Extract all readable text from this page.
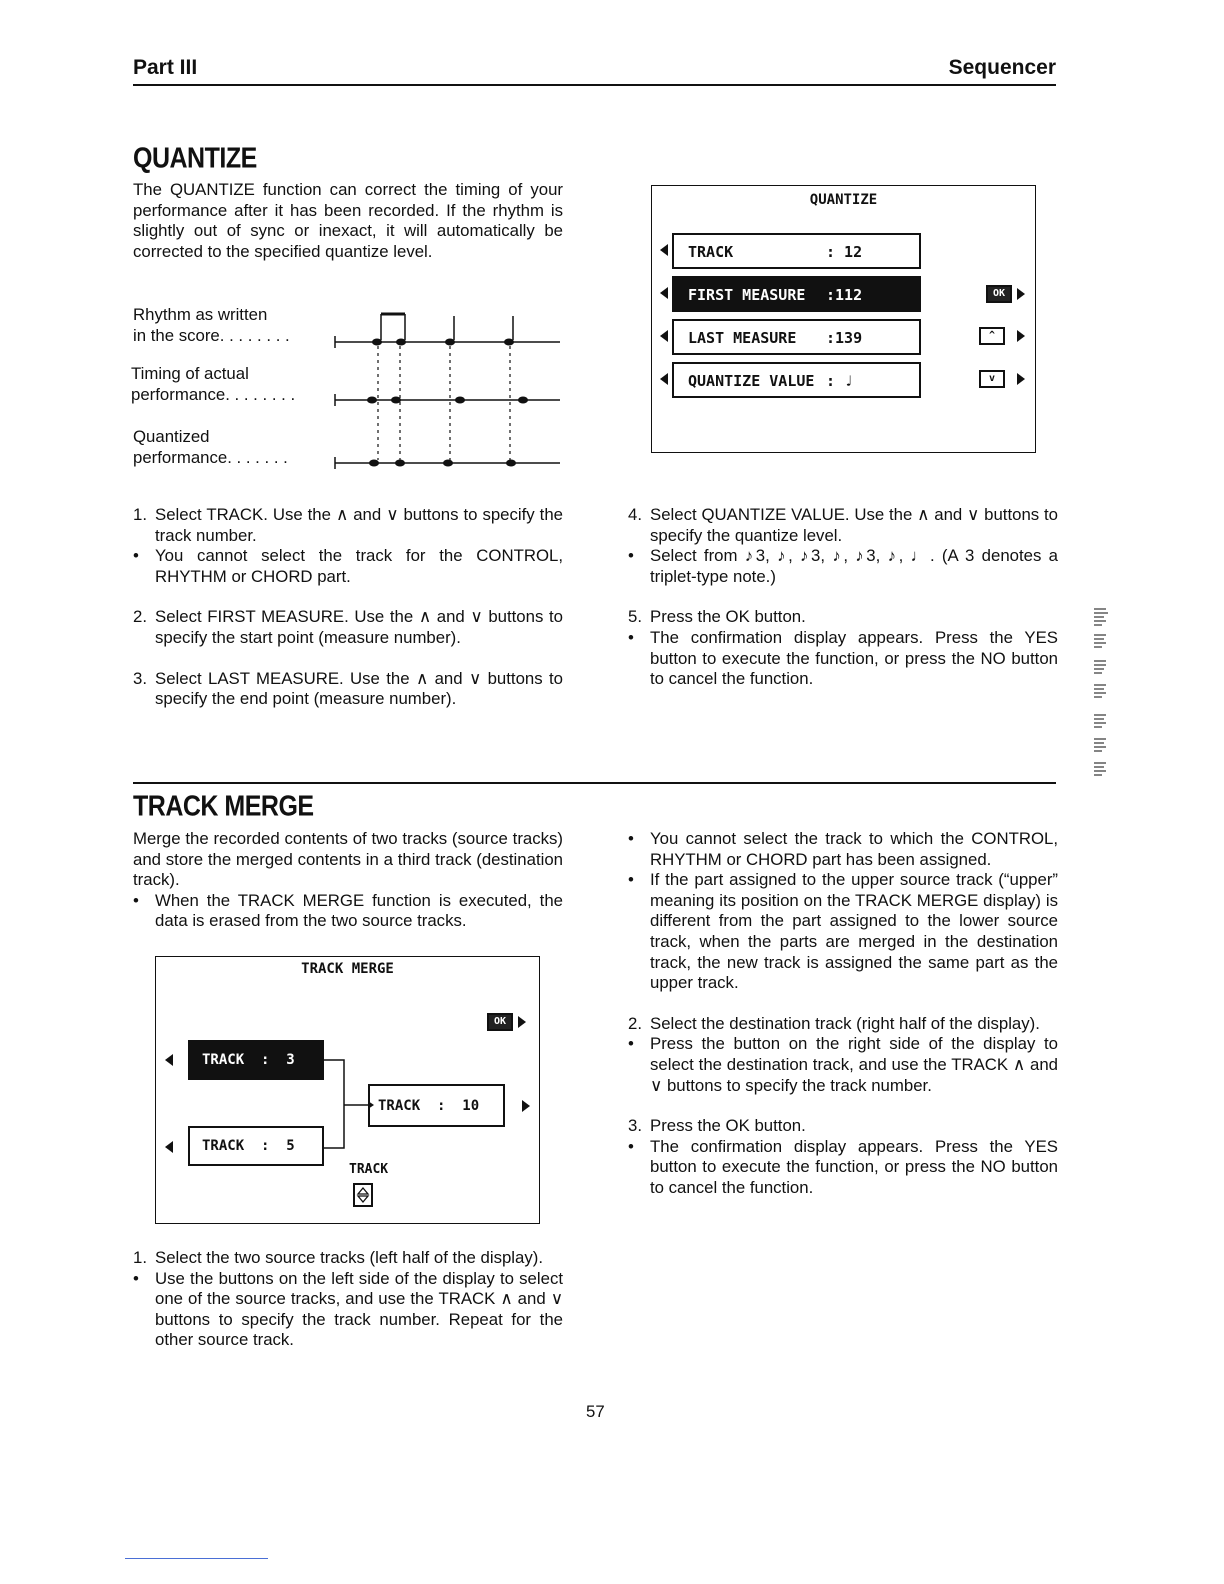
Part III	Sequencer
QUANTIZE
The QUANTIZE function can correct the timing of your performance after it has been recorded. If the rhythm is slightly out of sync or inexact, it will automatically be corrected to the specified quantize level.
Rhythm as written
in the score. . . . . . . .
Timing of actual
performance. . . . . . . .
Quantized
performance. . . . . . .
QUANTIZE
TRACK	: 12
FIRST MEASURE :112
LAST MEASURE :139
QUANTIZE VALUE : ♩
OK
^
v
1. Select TRACK. Use the ∧ and ∨ buttons to specify the track number.
• You cannot select the track for the CONTROL, RHYTHM or CHORD part.
2. Select FIRST MEASURE. Use the ∧ and ∨ buttons to specify the start point (measure number).
3. Select LAST MEASURE. Use the ∧ and ∨ buttons to specify the end point (measure number).
4. Select QUANTIZE VALUE. Use the ∧ and ∨ buttons to specify the quantize level.
• Select from ♪3, ♪, ♪3, ♪, ♪3, ♪, ♩. (A 3 denotes a triplet-type note.)
5. Press the OK button.
• The confirmation display appears. Press the YES button to execute the function, or press the NO button to cancel the function.
TRACK MERGE
Merge the recorded contents of two tracks (source tracks) and store the merged contents in a third track (destination track).
• When the TRACK MERGE function is executed, the data is erased from the two source tracks.
TRACK MERGE
OK
TRACK  :  3
TRACK  :  5
TRACK  :  10
TRACK
1. Select the two source tracks (left half of the display).
• Use the buttons on the left side of the display to select one of the source tracks, and use the TRACK ∧ and ∨ buttons to specify the track number. Repeat for the other source track.
• You cannot select the track to which the CONTROL, RHYTHM or CHORD part has been assigned.
• If the part assigned to the upper source track (“upper” meaning its position on the TRACK MERGE display) is different from the part assigned to the lower source track, when the parts are merged in the destination track, the new track is assigned the same part as the upper track.
2. Select the destination track (right half of the display).
• Press the button on the right side of the display to select the destination track, and use the TRACK ∧ and ∨ buttons to specify the track number.
3. Press the OK button.
• The confirmation display appears. Press the YES button to execute the function, or press the NO button to cancel the function.
57
